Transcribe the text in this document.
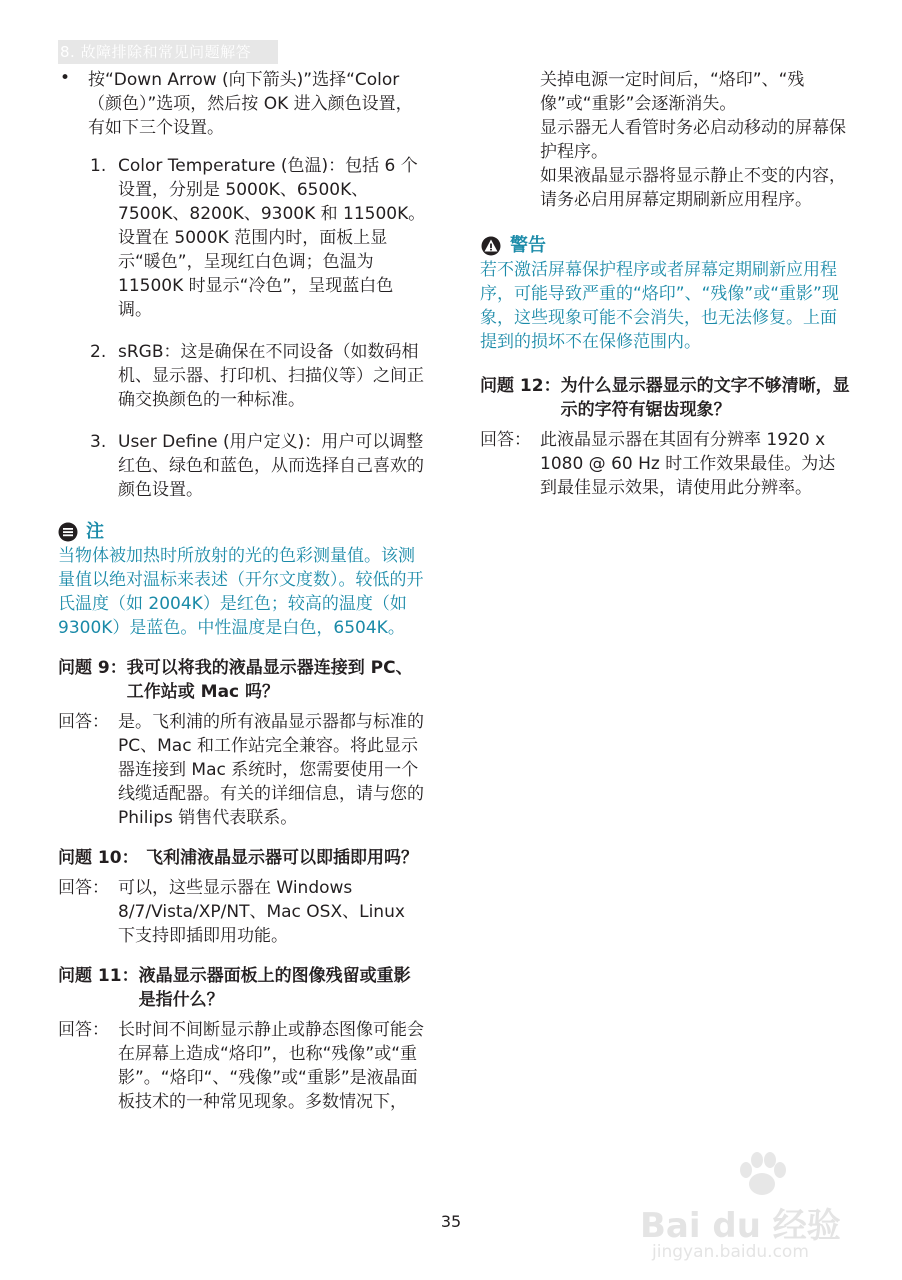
8. 故障排除和常见问题解答
• 按“Down Arrow (向下箭头)”选择“Color（颜色）”选项，然后按 OK 进入颜色设置，有如下三个设置。

1. Color Temperature (色温)：包括 6 个设置，分别是 5000K、6500K、7500K、8200K、9300K 和 11500K。设置在 5000K 范围内时，面板上显示“暖色”，呈现红白色调；色温为 11500K 时显示“冷色”，呈现蓝白色调。
2. sRGB：这是确保在不同设备（如数码相机、显示器、打印机、扫描仪等）之间正确交换颜色的一种标准。
3. User Define (用户定义)：用户可以调整红色、绿色和蓝色，从而选择自己喜欢的颜色设置。
注

当物体被加热时所放射的光的色彩测量值。该测量值以绝对温标来表述（开尔文度数）。较低的开氏温度（如 2004K）是红色；较高的温度（如 9300K）是蓝色。中性温度是白色，6504K。

问题 9： 我可以将我的液晶显示器连接到 PC、工作站或 Mac 吗？
回答： 是。飞利浦的所有液晶显示器都与标准的 PC、Mac 和工作站完全兼容。将此显示器连接到 Mac 系统时，您需要使用一个线缆适配器。有关的详细信息，请与您的 Philips 销售代表联系。
问题 10： 飞利浦液晶显示器可以即插即用吗？
回答： 可以，这些显示器在 Windows 8/7/Vista/XP/NT、Mac OSX、Linux 下支持即插即用功能。
问题 11： 液晶显示器面板上的图像残留或重影是指什么？
回答： 长时间不间断显示静止或静态图像可能会在屏幕上造成“烙印”，也称“残像”或“重影”。“烙印“、“残像”或“重影”是液晶面板技术的一种常见现象。多数情况下，

关掉电源一定时间后，“烙印”、“残像”或“重影”会逐渐消失。

显示器无人看管时务必启动移动的屏幕保护程序。

如果液晶显示器将显示静止不变的内容，请务必启用屏幕定期刷新应用程序。

警告

若不激活屏幕保护程序或者屏幕定期刷新应用程序，可能导致严重的“烙印”、“残像”或“重影”现象，这些现象可能不会消失，也无法修复。上面提到的损坏不在保修范围内。

问题 12： 为什么显示器显示的文字不够清晰，显示的字符有锯齿现象？
回答： 此液晶显示器在其固有分辨率 1920 x 1080 @ 60 Hz 时工作效果最佳。为达到最佳显示效果，请使用此分辨率。
35	Bai du 经验
jingyan.baidu.com
